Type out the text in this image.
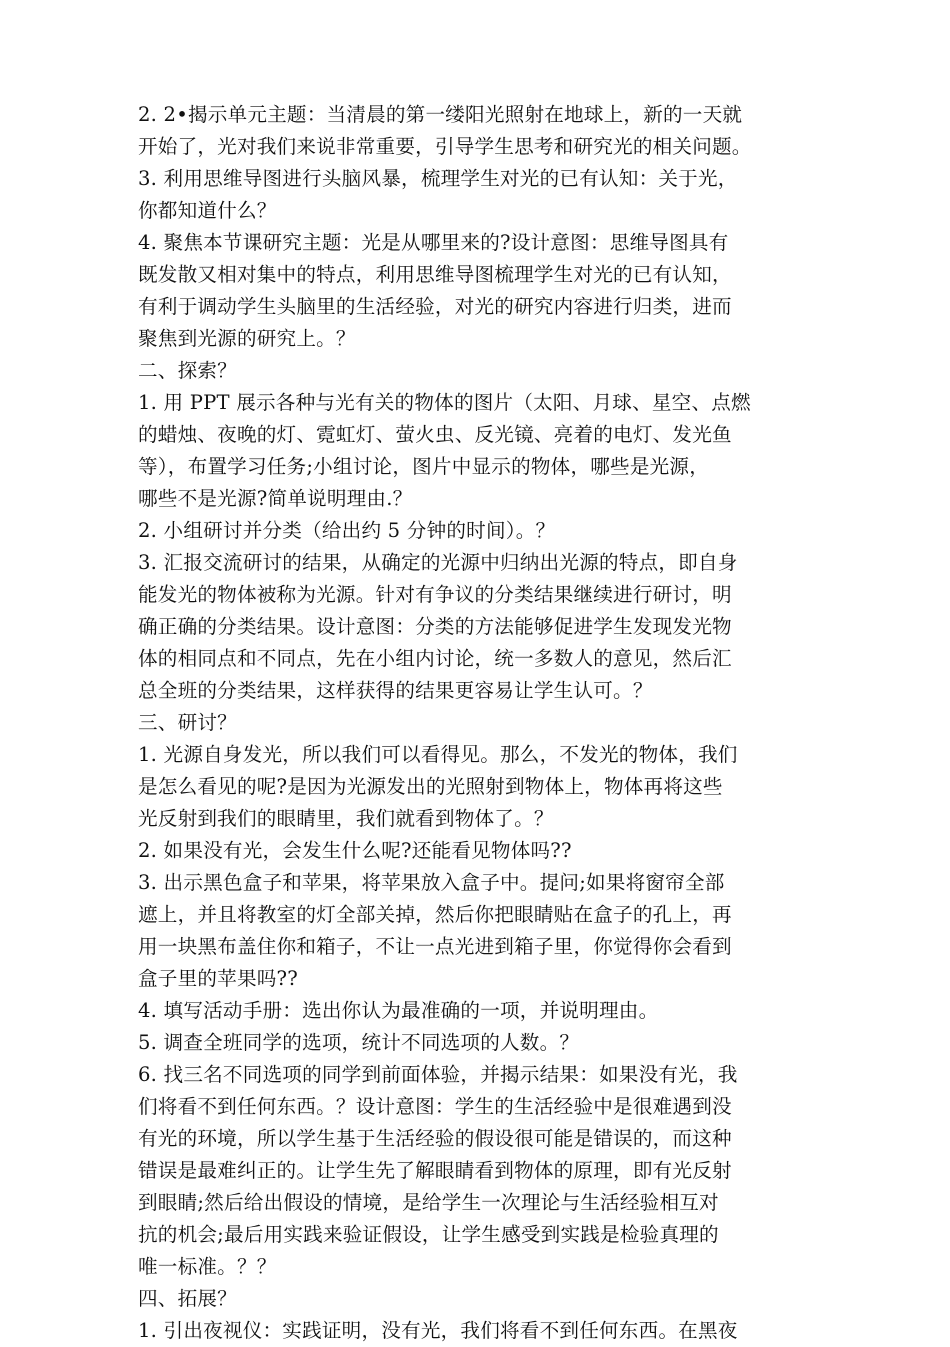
2. 2•揭示单元主题：当清晨的第一缕阳光照射在地球上，新的一天就
开始了，光对我们来说非常重要，引导学生思考和研究光的相关问题。
3. 利用思维导图进行头脑风暴，梳理学生对光的已有认知：关于光，
你都知道什么？
4. 聚焦本节课研究主题：光是从哪里来的?设计意图：思维导图具有
既发散又相对集中的特点，利用思维导图梳理学生对光的已有认知，
有利于调动学生头脑里的生活经验，对光的研究内容进行归类，进而
聚焦到光源的研究上。？
二、探索？
1. 用 PPT 展示各种与光有关的物体的图片（太阳、月球、星空、点燃
的蜡烛、夜晚的灯、霓虹灯、萤火虫、反光镜、亮着的电灯、发光鱼
等），布置学习任务;小组讨论，图片中显示的物体，哪些是光源，
哪些不是光源?简单说明理由.？
2. 小组研讨并分类（给出约 5 分钟的时间）。？
3. 汇报交流研讨的结果，从确定的光源中归纳出光源的特点，即自身
能发光的物体被称为光源。针对有争议的分类结果继续进行研讨，明
确正确的分类结果。设计意图：分类的方法能够促进学生发现发光物
体的相同点和不同点，先在小组内讨论，统一多数人的意见，然后汇
总全班的分类结果，这样获得的结果更容易让学生认可。？
三、研讨？
1. 光源自身发光，所以我们可以看得见。那么，不发光的物体，我们
是怎么看见的呢?是因为光源发出的光照射到物体上，物体再将这些
光反射到我们的眼睛里，我们就看到物体了。？
2. 如果没有光，会发生什么呢?还能看见物体吗??
3. 出示黑色盒子和苹果，将苹果放入盒子中。提问;如果将窗帘全部
遮上，并且将教室的灯全部关掉，然后你把眼睛贴在盒子的孔上，再
用一块黑布盖住你和箱子，不让一点光进到箱子里，你觉得你会看到
盒子里的苹果吗??
4. 填写活动手册：选出你认为最准确的一项，并说明理由。
5. 调查全班同学的选项，统计不同选项的人数。？
6. 找三名不同选项的同学到前面体验，并揭示结果：如果没有光，我
们将看不到任何东西。？设计意图：学生的生活经验中是很难遇到没
有光的环境，所以学生基于生活经验的假设很可能是错误的，而这种
错误是最难纠正的。让学生先了解眼睛看到物体的原理，即有光反射
到眼睛;然后给出假设的情境，是给学生一次理论与生活经验相互对
抗的机会;最后用实践来验证假设，让学生感受到实践是检验真理的
唯一标准。？？
四、拓展？
1. 引出夜视仪：实践证明，没有光，我们将看不到任何东西。在黑夜
